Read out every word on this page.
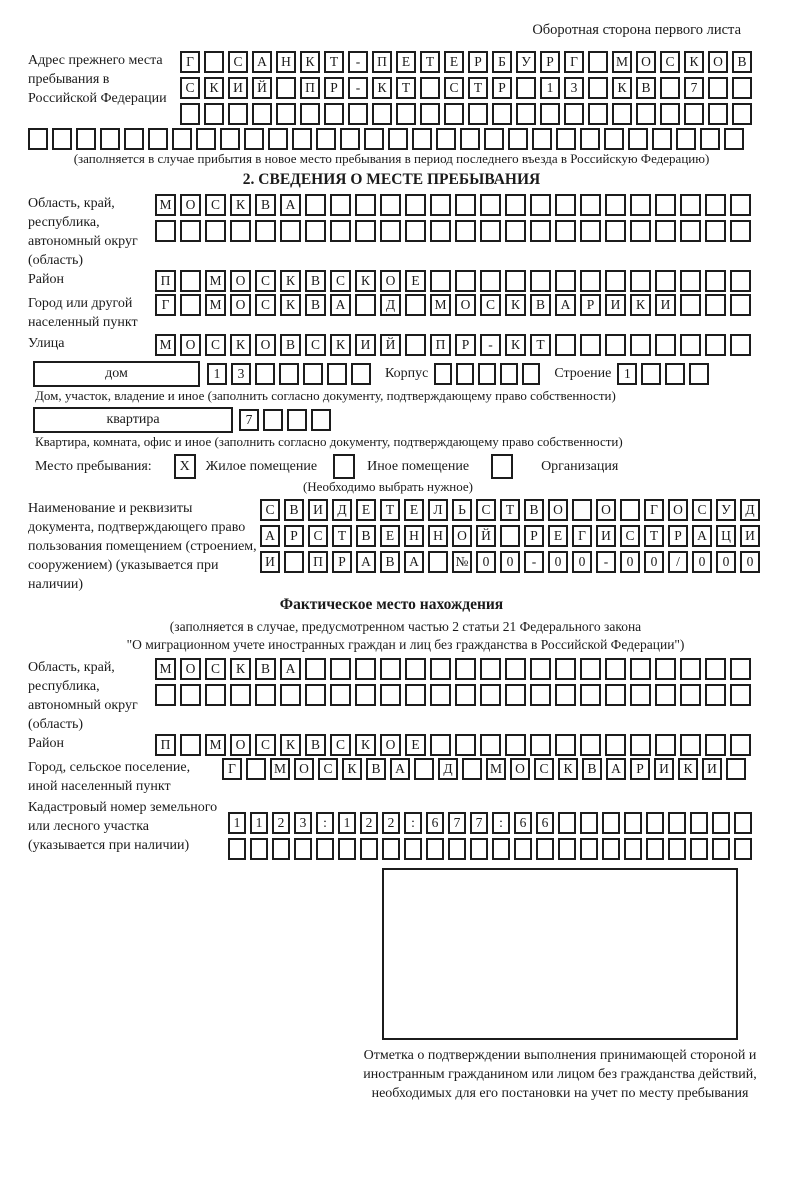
Оборотная сторона первого листа
Адрес прежнего места пребывания в Российской Федерации
Г	С	А	Н	К	Т	-	П	Е	Т	Е	Р	Б	У	Р	Г	М О	С	К	О	В
С	К	И	Й	П	Р	-	К	Т	С	Т	Р	1	3	К	В	7
(заполняется в случае прибытия в новое место пребывания в период последнего въезда в Российскую Федерацию)
2. СВЕДЕНИЯ О МЕСТЕ ПРЕБЫВАНИЯ
Область, край, республика, автономный округ (область)
М	О	С	К	В	А
Район	П	М	О	С	К	В	С	К	О	Е
Город или другой населенный пункт
Г	М	О	С	К	В	А	Д	М	О	С	К	В	А	Р	И	К	И
Улица	М	О	С	К	О	В	С	К	И	Й	П	Р	-	К	Т
дом	1	3	Корпус	Строение 1
Дом, участок, владение и иное (заполнить согласно документу, подтверждающему право собственности)
квартира	7
Квартира, комната, офис и иное (заполнить согласно документу, подтверждающему право собственности)
Место пребывания:	X	Жилое помещение	Иное помещение	Организация
(Необходимо выбрать нужное)
Наименование и реквизиты документа, подтверждающего право пользования помещением (строением, сооружением) (указывается при наличии)
С	В	И	Д	Е	Т	Е	Л	Ь	С	Т	В	О	О	Г	О	С	У	Д
А	Р	С	Т	В	Е	Н	Н	О	Й	Р	Е	Г	И	С	Т	Р	А	Ц	И
И	П	Р	А	В	А	№	0	0	-	0	0	-	0	0	/	0	0	0
Фактическое место нахождения
(заполняется в случае, предусмотренном частью 2 статьи 21 Федерального закона
"О миграционном учете иностранных граждан и лиц без гражданства в Российской Федерации")
Область, край, республика, автономный округ (область)
М	О	С	К	В	А
Район	П	М	О	С	К	В	С	К	О	Е
Город, сельское поселение, иной населенный пункт
Г	М О	С	К	В	А	Д	М О	С	К	В	А	Р	И	К	И
Кадастровый номер земельного или лесного участка (указывается при наличии)
1	1	2	3	:	1	2	2	:	6	7	7	:	6	6
Отметка о подтверждении выполнения принимающей стороной и иностранным гражданином или лицом без гражданства действий, необходимых для его постановки на учет по месту пребывания
